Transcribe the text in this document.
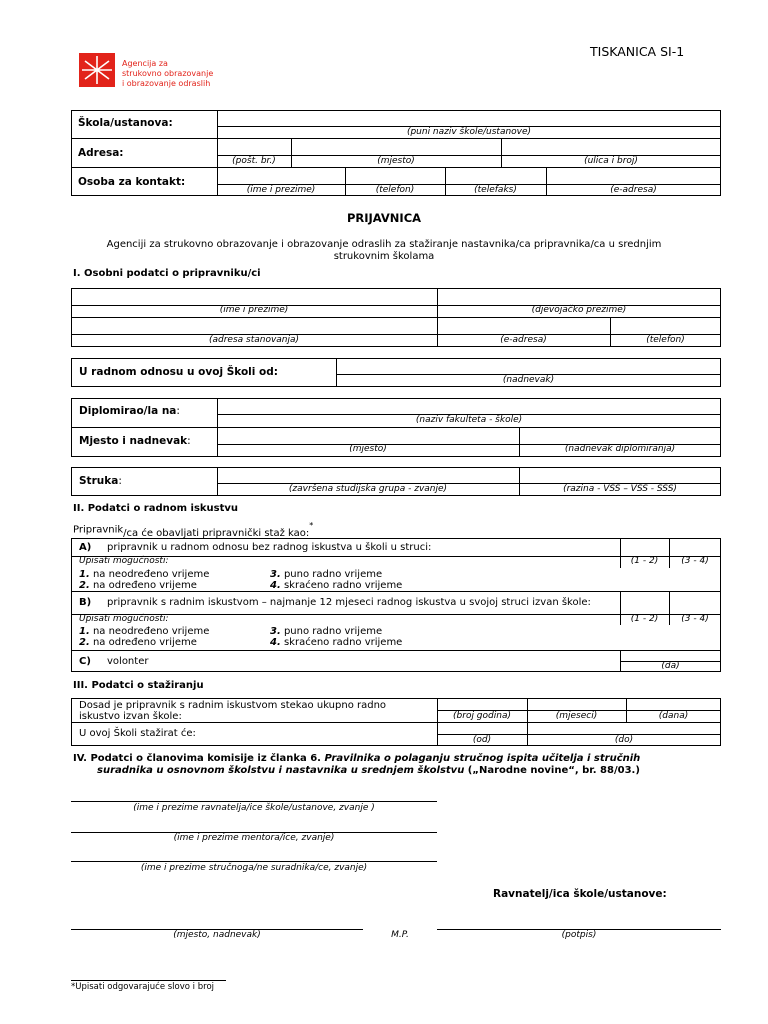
Agencija za
strukovno obrazovanje
i obrazovanje odraslih
TISKANICA SI-1
Škola/ustanova:
(puni naziv škole/ustanove)
Adresa:
(pošt. br.)	(mjesto)	(ulica i broj)
Osoba za kontakt:
(ime i prezime)	(telefon)	(telefaks)	(e-adresa)
PRIJAVNICA
Agenciji za strukovno obrazovanje i obrazovanje odraslih za stažiranje nastavnika/ca pripravnika/ca u srednjim
strukovnim školama
I. Osobni podatci o pripravniku/ci
(ime i prezime)	(djevojačko prezime)
(adresa stanovanja)	(e-adresa)	(telefon)
U radnom odnosu u ovoj Školi od:
(nadnevak)
Diplomirao/la na:
(naziv fakulteta - škole)
Mjesto i nadnevak:
(mjesto)	(nadnevak diplomiranja)
Struka:
(završena studijska grupa - zvanje)	(razina - VSS – VSS - SSS)
II. Podatci o radnom iskustvu
Pripravnik/ca će obavljati pripravnički staž kao:*
A) pripravnik u radnom odnosu bez radnog iskustva u školi u struci:
Upisati mogućnosti:	(1 - 2)	(3 - 4)
1. na neodređeno vrijeme
2. na određeno vrijeme
3. puno radno vrijeme
4. skraćeno radno vrijeme
B) pripravnik s radnim iskustvom – najmanje 12 mjeseci radnog iskustva u svojoj struci izvan škole:
Upisati mogućnosti:	(1 - 2)	(3 - 4)
1. na neodređeno vrijeme
2. na određeno vrijeme
3. puno radno vrijeme
4. skraćeno radno vrijeme
C) volonter	(da)
III. Podatci o stažiranju
Dosad je pripravnik s radnim iskustvom stekao ukupno radno
iskustvo izvan škole:	(broj godina)	(mjeseci)	(dana)
U ovoj Školi stažirat će:
(od)	(do)
IV. Podatci o članovima komisije iz članka 6. Pravilnika o polaganju stručnog ispita učitelja i stručnih
suradnika u osnovnom školstvu i nastavnika u srednjem školstvu („Narodne novine“, br. 88/03.)
(ime i prezime ravnatelja/ice škole/ustanove, zvanje )
(ime i prezime mentora/ice, zvanje)
(ime i prezime stručnoga/ne suradnika/ce, zvanje)
Ravnatelj/ica škole/ustanove:
(mjesto, nadnevak)	M.P.	(potpis)
*Upisati odgovarajuće slovo i broj
